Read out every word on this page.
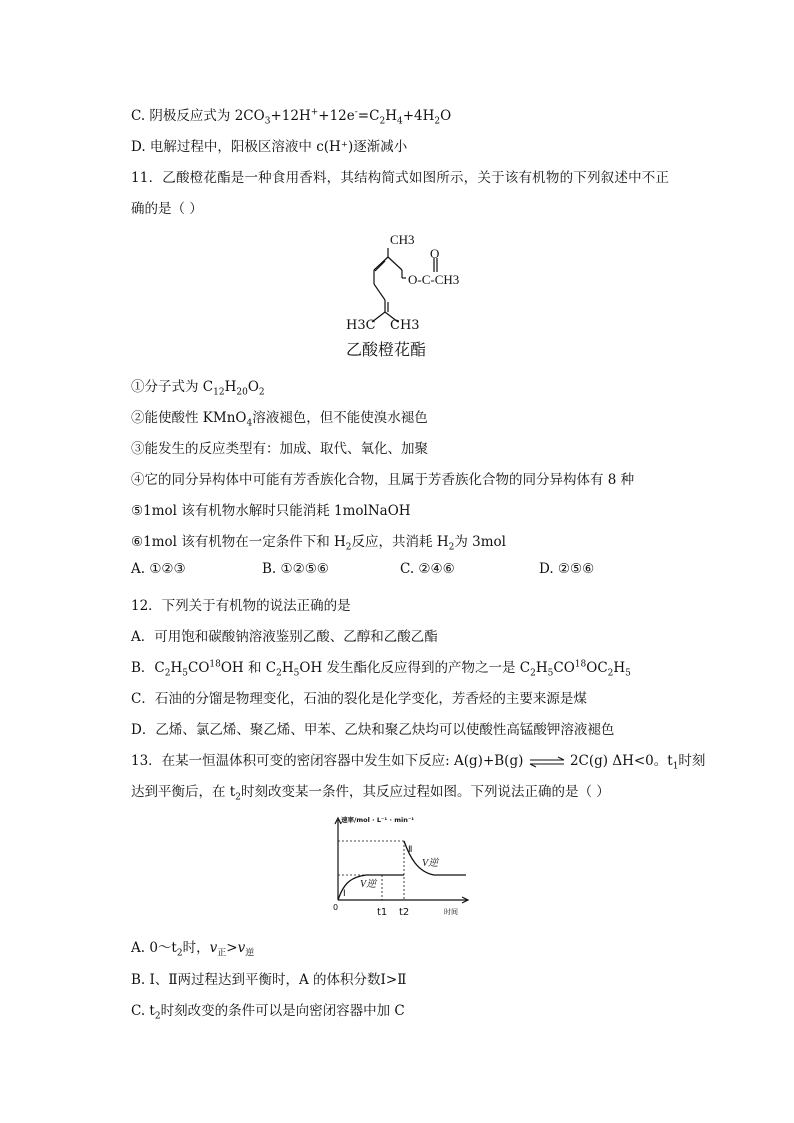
C. 阴极反应式为 $2CO_3+12H^++12e^-=C_2H_4+4H_2O$
D. 电解过程中，阳极区溶液中 c(H⁺)逐渐减小
11．乙酸橙花酯是一种食用香料，其结构简式如图所示，关于该有机物的下列叙述中不正
确的是（ ）
CH3
O
O-C-CH3
H3C CH3
乙酸橙花酯
①分子式为 $C_{12}H_{20}O_2$
②能使酸性 KMnO$_4$溶液褪色，但不能使溴水褪色
③能发生的反应类型有：加成、取代、氧化、加聚
④它的同分异构体中可能有芳香族化合物，且属于芳香族化合物的同分异构体有 8 种
⑤1mol 该有机物水解时只能消耗 1molNaOH
⑥1mol 该有机物在一定条件下和 $H_2$反应，共消耗 $H_2$为 3mol
A. ①②③	B. ①②⑤⑥	C. ②④⑥	D. ②⑤⑥
12．下列关于有机物的说法正确的是
A．可用饱和碳酸钠溶液鉴别乙酸、乙醇和乙酸乙酯
B．$C_2H_5CO^{18}OH$ 和 $C_2H_5OH$ 发生酯化反应得到的产物之一是 $C_2H_5CO^{18}OC_2H_5$
C．石油的分馏是物理变化，石油的裂化是化学变化，芳香烃的主要来源是煤
D．乙烯、氯乙烯、聚乙烯、甲苯、乙炔和聚乙炔均可以使酸性高锰酸钾溶液褪色
13．在某一恒温体积可变的密闭容器中发生如下反应: A(g)+B(g) ⇌ 2C(g) ΔH<0。$t_1$时刻
达到平衡后，在 $t_2$时刻改变某一条件，其反应过程如图。下列说法正确的是（ ）
Ⅰ
Ⅱ
V逆
V逆
0	t1 t2	时间
速率/mol · L⁻¹ · min⁻¹
A. $0\sim t_2$时，$v_正>v_逆$
B. Ⅰ、Ⅱ两过程达到平衡时，A 的体积分数Ⅰ>Ⅱ
C. $t_2$时刻改变的条件可以是向密闭容器中加 C
